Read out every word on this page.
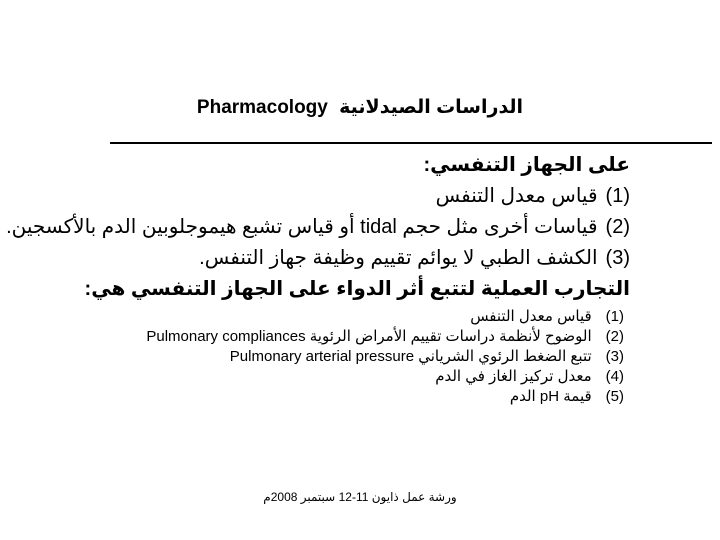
Pharmacology الدراسات الصيدلانية
على الجهاز التنفسي:
(1)قياس معدل التنفس
(2)قياسات أخرى مثل حجم tidal أو قياس تشبع هيموجلوبين الدم بالأكسجين.
(3)الكشف الطبي لا يوائم تقييم وظيفة جهاز التنفس.
التجارب العملية لتتبع أثر الدواء على الجهاز التنفسي هي:
(1)قياس معدل التنفس
(2)الوضوح لأنظمة دراسات تقييم الأمراض الرئوية Pulmonary compliances
(3)تتبع الضغط الرئوي الشرياني Pulmonary arterial pressure
(4)معدل تركيز الغاز في الدم
(5)قيمة pH الدم
ورشة عمل ذايون 11-12 سبتمبر 2008م
